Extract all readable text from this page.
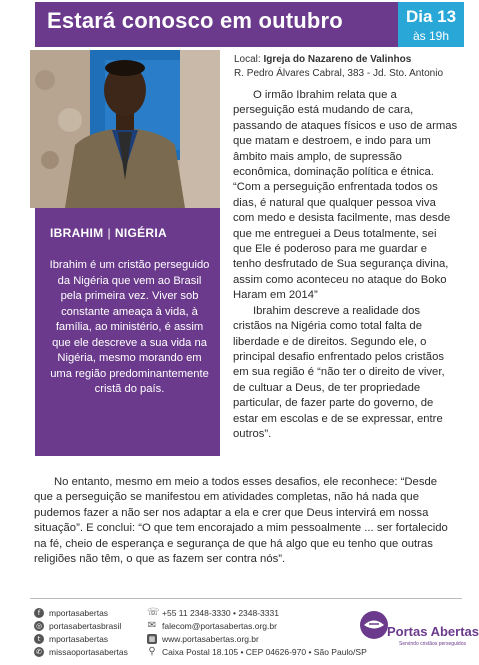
Estará conosco em outubro	Dia 13
às 19h
IBRAHIM | NIGÉRIA
Ibrahim é um cristão perseguido da Nigéria que vem ao Brasil pela primeira vez. Viver sob constante ameaça à vida, à família, ao ministério, é assim que ele descreve a sua vida na Nigéria, mesmo morando em uma região predominantemente cristã do país.
Local: Igreja do Nazareno de Valinhos
R. Pedro Álvares Cabral, 383 - Jd. Sto. Antonio

O irmão Ibrahim relata que a perseguição está mudando de cara, passando de ataques físicos e uso de armas que matam e destroem, e indo para um âmbito mais amplo, de supressão econômica, dominação política e étnica. “Com a perseguição enfrentada todos os dias, é natural que qualquer pessoa viva com medo e desista facilmente, mas desde que me entreguei a Deus totalmente, sei que Ele é poderoso para me guardar e tenho desfrutado de Sua segurança divina, assim como aconteceu no ataque do Boko Haram em 2014”

Ibrahim descreve a realidade dos cristãos na Nigéria como total falta de liberdade e de direitos. Segundo ele, o principal desafio enfrentado pelos cristãos em sua região é “não ter o direito de viver, de cultuar a Deus, de ter propriedade particular, de fazer parte do governo, de estar em escolas e de se expressar, entre outros”.

No entanto, mesmo em meio a todos esses desafios, ele reconhece: “Desde que a perseguição se manifestou em atividades completas, não há nada que pudemos fazer a não ser nos adaptar a ela e crer que Deus intervirá em nossa situação”. E conclui: “O que tem encorajado a mim pessoalmente ... ser fortalecido na fé, cheio de esperança e segurança de que há algo que eu tenho que outras religiões não têm, o que as fazem ser contra nós”.

f	mportasabertas
◎ portasabertasbrasil
t	mportasabertas
✆ missaoportasabertas
☏ +55 11 2348-3330 • 2348-3331
✉ falecom@portasabertas.org.br
▦ www.portasabertas.org.br
⚲ Caixa Postal 18.105 • CEP 04626-970 • São Paulo/SP
Portas Abertas
Servindo cristãos perseguidos
